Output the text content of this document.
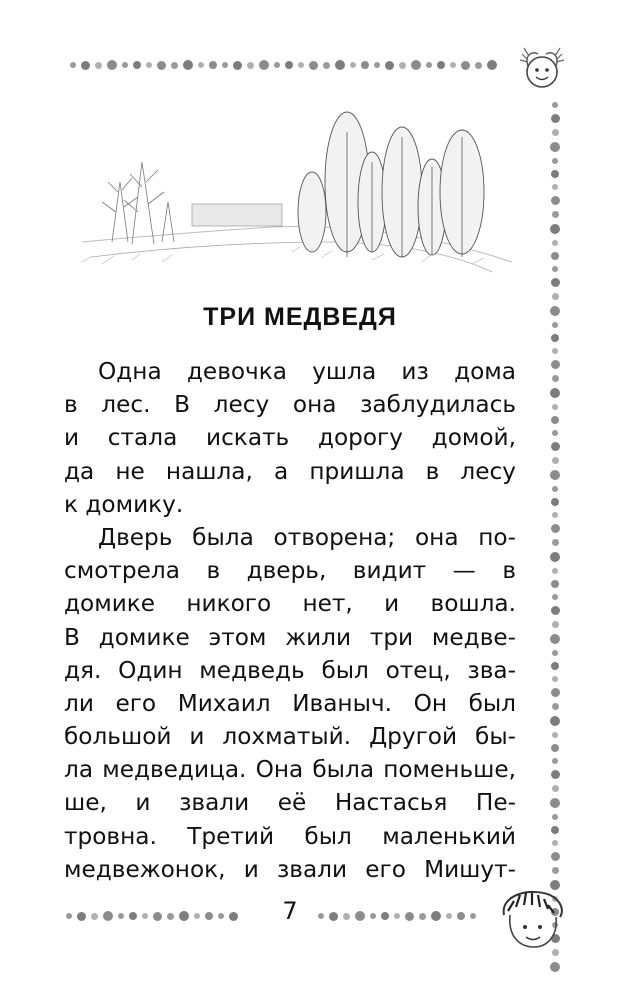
ТРИ МЕДВЕДЯ
Одна девочка ушла из дома
в лес. В лесу она заблудилась
и стала искать дорогу домой,
да не нашла, а пришла в лесу
к домику.
Дверь была отворена; она по-
смотрела в дверь, видит — в
домике никого нет, и вошла.
В домике этом жили три медве-
дя. Один медведь был отец, зва-
ли его Михаил Иваныч. Он был
большой и лохматый. Другой бы-
ла медведица. Она была поменьше,
ше, и звали её Настасья Пе-
тровна. Третий был маленький
медвежонок, и звали его Мишут-
7
